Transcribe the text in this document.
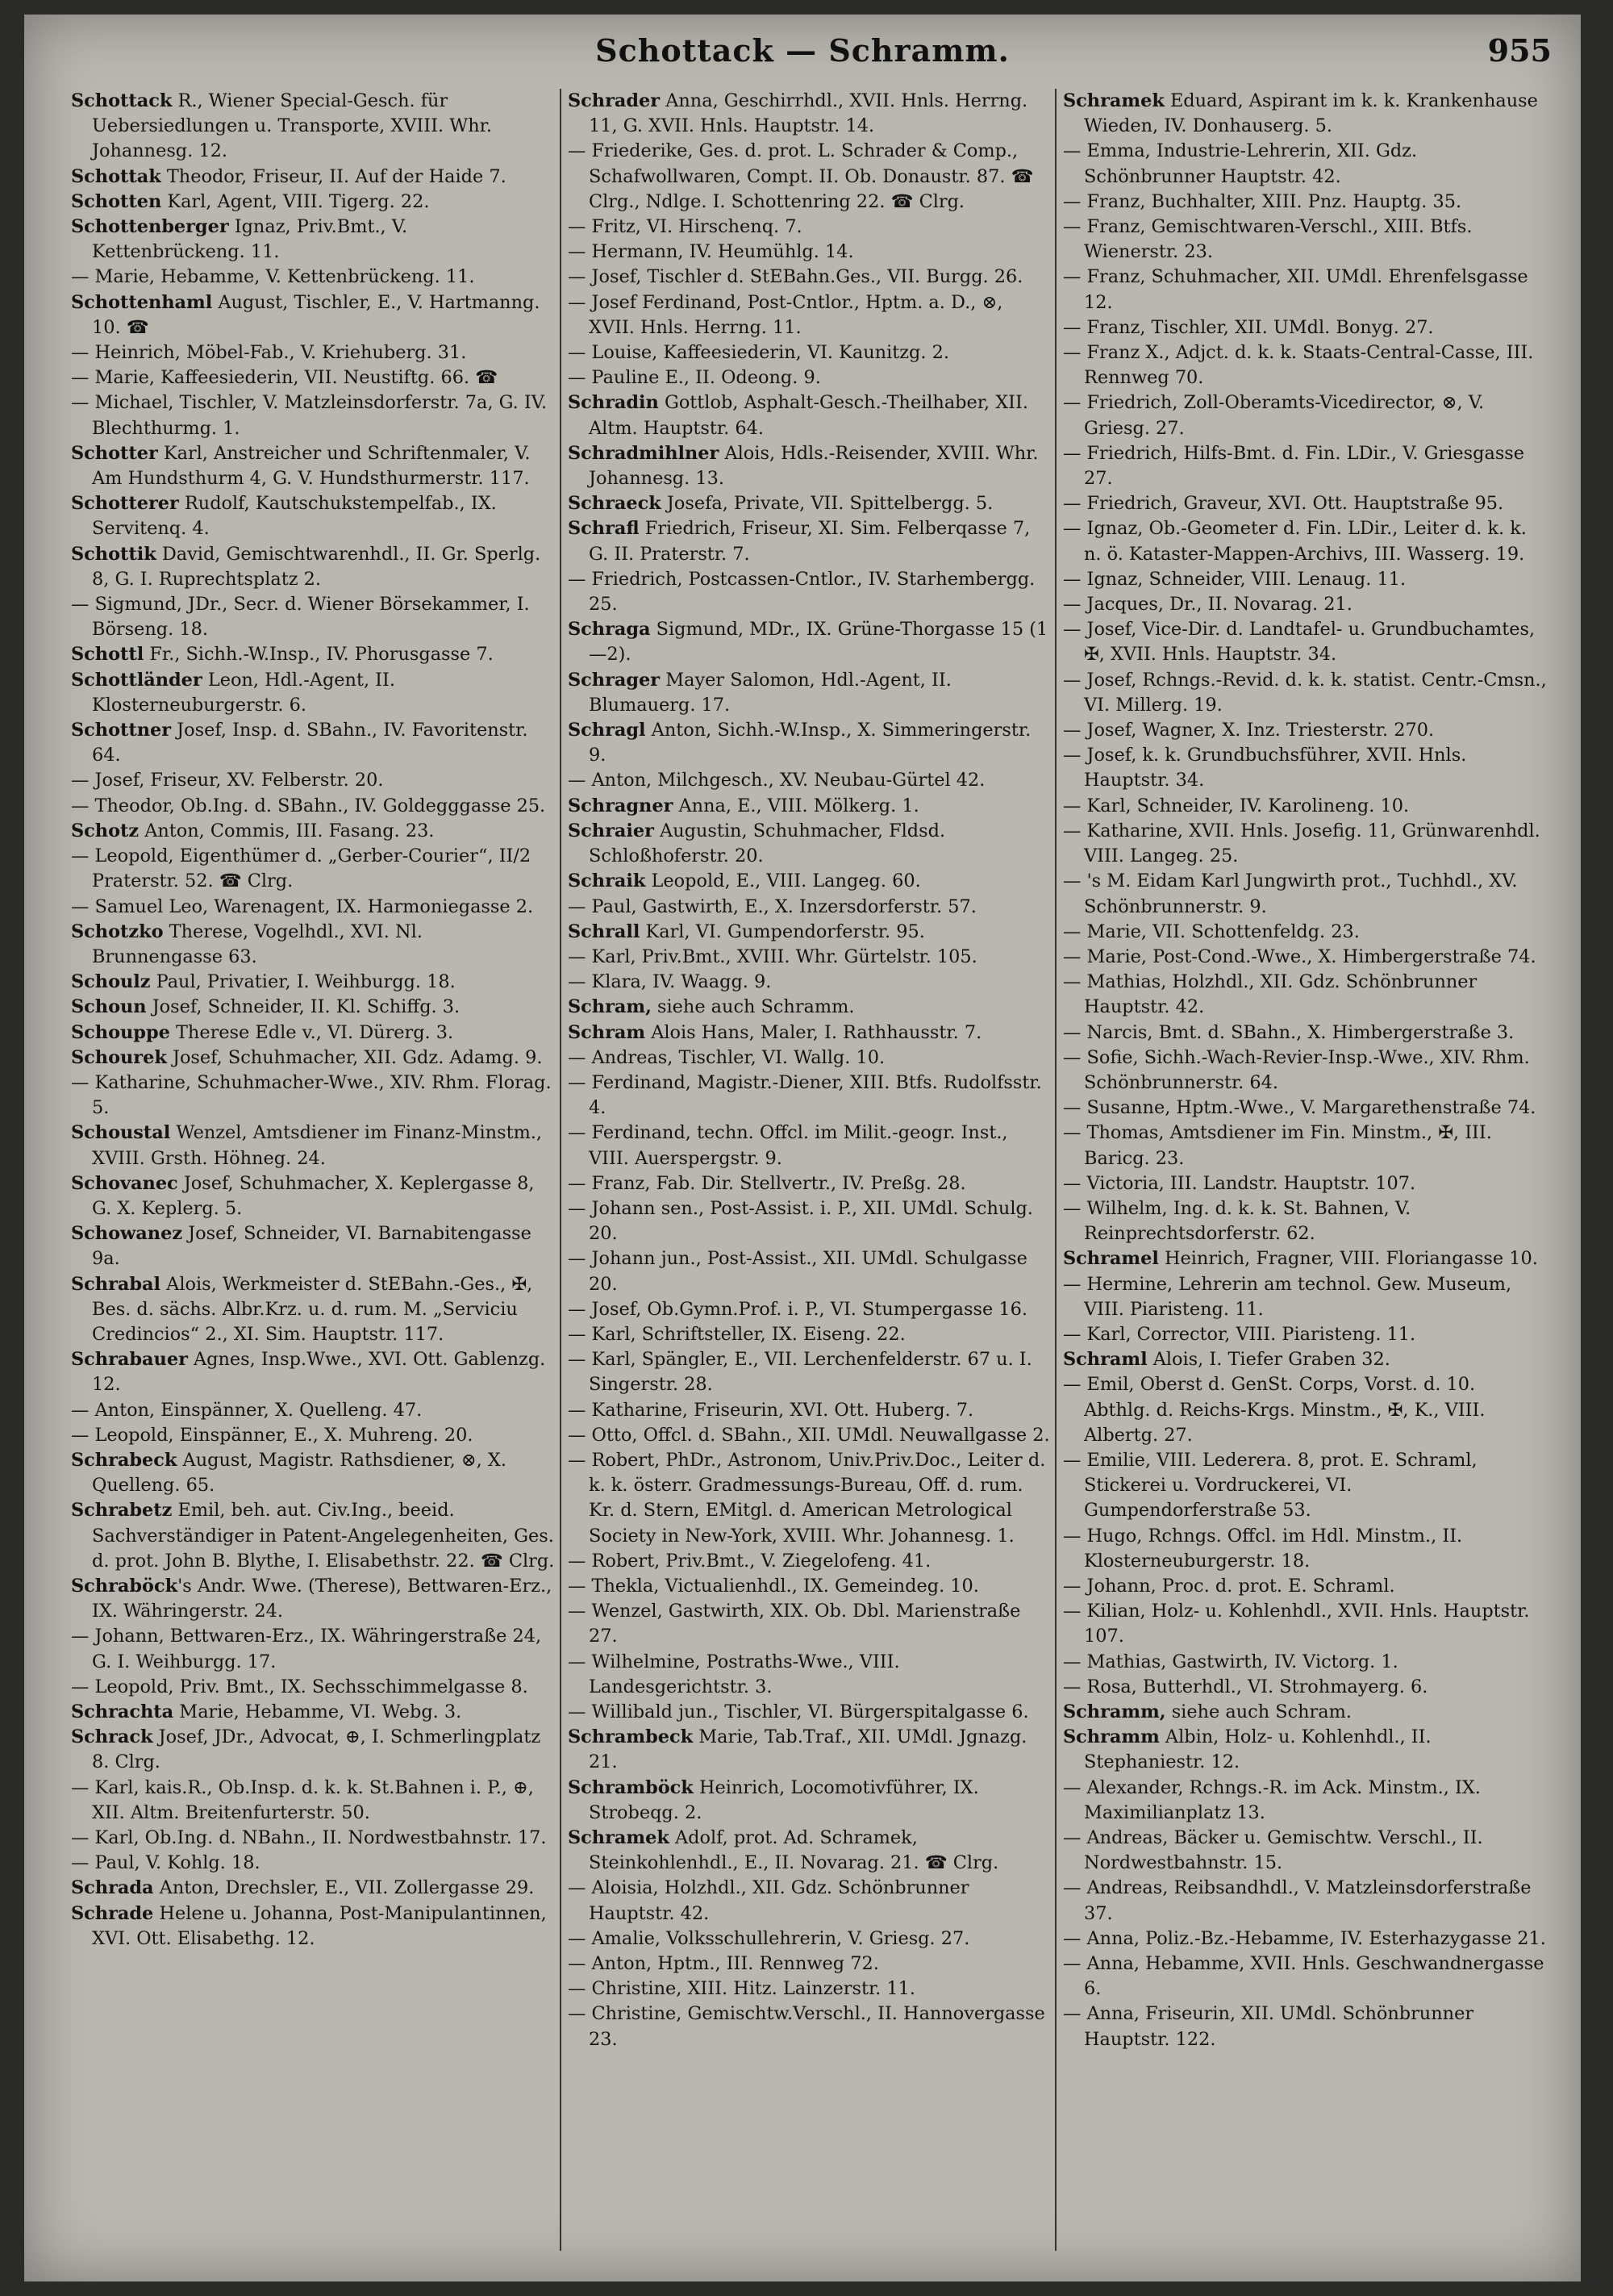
Schottack — Schramm.	955

Schottack R., Wiener Special-Gesch. für Uebersiedlungen u. Transporte, XVIII. Whr. Johannesg. 12.

Schottak Theodor, Friseur, II. Auf der Haide 7.

Schotten Karl, Agent, VIII. Tigerg. 22.

Schottenberger Ignaz, Priv.Bmt., V. Kettenbrückeng. 11.

— Marie, Hebamme, V. Kettenbrückeng. 11.

Schottenhaml August, Tischler, E., V. Hartmanng. 10. ☎

— Heinrich, Möbel-Fab., V. Kriehuberg. 31.

— Marie, Kaffeesiederin, VII. Neustiftg. 66. ☎

— Michael, Tischler, V. Matzleinsdorferstr. 7a, G. IV. Blechthurmg. 1.

Schotter Karl, Anstreicher und Schriftenmaler, V. Am Hundsthurm 4, G. V. Hundsthurmerstr. 117.

Schotterer Rudolf, Kautschukstempelfab., IX. Servitenq. 4.

Schottik David, Gemischtwarenhdl., II. Gr. Sperlg. 8, G. I. Ruprechtsplatz 2.

— Sigmund, JDr., Secr. d. Wiener Börsekammer, I. Börseng. 18.

Schottl Fr., Sichh.-W.Insp., IV. Phorusgasse 7.

Schottländer Leon, Hdl.-Agent, II. Klosterneuburgerstr. 6.

Schottner Josef, Insp. d. SBahn., IV. Favoritenstr. 64.

— Josef, Friseur, XV. Felberstr. 20.

— Theodor, Ob.Ing. d. SBahn., IV. Goldegggasse 25.

Schotz Anton, Commis, III. Fasang. 23.

— Leopold, Eigenthümer d. „Gerber-Courier“, II/2 Praterstr. 52. ☎ Clrg.

— Samuel Leo, Warenagent, IX. Harmoniegasse 2.

Schotzko Therese, Vogelhdl., XVI. Nl. Brunnengasse 63.

Schoulz Paul, Privatier, I. Weihburgg. 18.

Schoun Josef, Schneider, II. Kl. Schiffg. 3.

Schouppe Therese Edle v., VI. Dürerg. 3.

Schourek Josef, Schuhmacher, XII. Gdz. Adamg. 9.

— Katharine, Schuhmacher-Wwe., XIV. Rhm. Florag. 5.

Schoustal Wenzel, Amtsdiener im Finanz-Minstm., XVIII. Grsth. Höhneg. 24.

Schovanec Josef, Schuhmacher, X. Keplergasse 8, G. X. Keplerg. 5.

Schowanez Josef, Schneider, VI. Barnabitengasse 9a.

Schrabal Alois, Werkmeister d. StEBahn.-Ges., ✠, Bes. d. sächs. Albr.Krz. u. d. rum. M. „Serviciu Credincios“ 2., XI. Sim. Hauptstr. 117.

Schrabauer Agnes, Insp.Wwe., XVI. Ott. Gablenzg. 12.

— Anton, Einspänner, X. Quelleng. 47.

— Leopold, Einspänner, E., X. Muhreng. 20.

Schrabeck August, Magistr. Rathsdiener, ⊗, X. Quelleng. 65.

Schrabetz Emil, beh. aut. Civ.Ing., beeid. Sachverständiger in Patent-Angelegenheiten, Ges. d. prot. John B. Blythe, I. Elisabethstr. 22. ☎ Clrg.

Schraböck's Andr. Wwe. (Therese), Bettwaren-Erz., IX. Währingerstr. 24.

— Johann, Bettwaren-Erz., IX. Währingerstraße 24, G. I. Weihburgg. 17.

— Leopold, Priv. Bmt., IX. Sechsschimmelgasse 8.

Schrachta Marie, Hebamme, VI. Webg. 3.

Schrack Josef, JDr., Advocat, ⊕, I. Schmerlingplatz 8. Clrg.

— Karl, kais.R., Ob.Insp. d. k. k. St.Bahnen i. P., ⊕, XII. Altm. Breitenfurterstr. 50.

— Karl, Ob.Ing. d. NBahn., II. Nordwestbahnstr. 17.

— Paul, V. Kohlg. 18.

Schrada Anton, Drechsler, E., VII. Zollergasse 29.

Schrade Helene u. Johanna, Post-Manipulantinnen, XVI. Ott. Elisabethg. 12.

Schrader Anna, Geschirrhdl., XVII. Hnls. Herrng. 11, G. XVII. Hnls. Hauptstr. 14.

— Friederike, Ges. d. prot. L. Schrader & Comp., Schafwollwaren, Compt. II. Ob. Donaustr. 87. ☎ Clrg., Ndlge. I. Schottenring 22. ☎ Clrg.

— Fritz, VI. Hirschenq. 7.

— Hermann, IV. Heumühlg. 14.

— Josef, Tischler d. StEBahn.Ges., VII. Burgg. 26.

— Josef Ferdinand, Post-Cntlor., Hptm. a. D., ⊗, XVII. Hnls. Herrng. 11.

— Louise, Kaffeesiederin, VI. Kaunitzg. 2.

— Pauline E., II. Odeong. 9.

Schradin Gottlob, Asphalt-Gesch.-Theilhaber, XII. Altm. Hauptstr. 64.

Schradmihlner Alois, Hdls.-Reisender, XVIII. Whr. Johannesg. 13.

Schraeck Josefa, Private, VII. Spittelbergg. 5.

Schrafl Friedrich, Friseur, XI. Sim. Felberqasse 7, G. II. Praterstr. 7.

— Friedrich, Postcassen-Cntlor., IV. Starhembergg. 25.

Schraga Sigmund, MDr., IX. Grüne-Thorgasse 15 (1—2).

Schrager Mayer Salomon, Hdl.-Agent, II. Blumauerg. 17.

Schragl Anton, Sichh.-W.Insp., X. Simmeringerstr. 9.

— Anton, Milchgesch., XV. Neubau-Gürtel 42.

Schragner Anna, E., VIII. Mölkerg. 1.

Schraier Augustin, Schuhmacher, Fldsd. Schloßhoferstr. 20.

Schraik Leopold, E., VIII. Langeg. 60.

— Paul, Gastwirth, E., X. Inzersdorferstr. 57.

Schrall Karl, VI. Gumpendorferstr. 95.

— Karl, Priv.Bmt., XVIII. Whr. Gürtelstr. 105.

— Klara, IV. Waagg. 9.

Schram, siehe auch Schramm.

Schram Alois Hans, Maler, I. Rathhausstr. 7.

— Andreas, Tischler, VI. Wallg. 10.

— Ferdinand, Magistr.-Diener, XIII. Btfs. Rudolfsstr. 4.

— Ferdinand, techn. Offcl. im Milit.-geogr. Inst., VIII. Auerspergstr. 9.

— Franz, Fab. Dir. Stellvertr., IV. Preßg. 28.

— Johann sen., Post-Assist. i. P., XII. UMdl. Schulg. 20.

— Johann jun., Post-Assist., XII. UMdl. Schulgasse 20.

— Josef, Ob.Gymn.Prof. i. P., VI. Stumpergasse 16.

— Karl, Schriftsteller, IX. Eiseng. 22.

— Karl, Spängler, E., VII. Lerchenfelderstr. 67 u. I. Singerstr. 28.

— Katharine, Friseurin, XVI. Ott. Huberg. 7.

— Otto, Offcl. d. SBahn., XII. UMdl. Neuwallgasse 2.

— Robert, PhDr., Astronom, Univ.Priv.Doc., Leiter d. k. k. österr. Gradmessungs-Bureau, Off. d. rum. Kr. d. Stern, EMitgl. d. American Metrological Society in New-York, XVIII. Whr. Johannesg. 1.

— Robert, Priv.Bmt., V. Ziegelofeng. 41.

— Thekla, Victualienhdl., IX. Gemeindeg. 10.

— Wenzel, Gastwirth, XIX. Ob. Dbl. Marienstraße 27.

— Wilhelmine, Postraths-Wwe., VIII. Landesgerichtstr. 3.

— Willibald jun., Tischler, VI. Bürgerspitalgasse 6.

Schrambeck Marie, Tab.Traf., XII. UMdl. Jgnazg. 21.

Schramböck Heinrich, Locomotivführer, IX. Strobeqg. 2.

Schramek Adolf, prot. Ad. Schramek, Steinkohlenhdl., E., II. Novarag. 21. ☎ Clrg.

— Aloisia, Holzhdl., XII. Gdz. Schönbrunner Hauptstr. 42.

— Amalie, Volksschullehrerin, V. Griesg. 27.

— Anton, Hptm., III. Rennweg 72.

— Christine, XIII. Hitz. Lainzerstr. 11.

— Christine, Gemischtw.Verschl., II. Hannovergasse 23.

Schramek Eduard, Aspirant im k. k. Krankenhause Wieden, IV. Donhauserg. 5.

— Emma, Industrie-Lehrerin, XII. Gdz. Schönbrunner Hauptstr. 42.

— Franz, Buchhalter, XIII. Pnz. Hauptg. 35.

— Franz, Gemischtwaren-Verschl., XIII. Btfs. Wienerstr. 23.

— Franz, Schuhmacher, XII. UMdl. Ehrenfelsgasse 12.

— Franz, Tischler, XII. UMdl. Bonyg. 27.

— Franz X., Adjct. d. k. k. Staats-Central-Casse, III. Rennweg 70.

— Friedrich, Zoll-Oberamts-Vicedirector, ⊗, V. Griesg. 27.

— Friedrich, Hilfs-Bmt. d. Fin. LDir., V. Griesgasse 27.

— Friedrich, Graveur, XVI. Ott. Hauptstraße 95.

— Ignaz, Ob.-Geometer d. Fin. LDir., Leiter d. k. k. n. ö. Kataster-Mappen-Archivs, III. Wasserg. 19.

— Ignaz, Schneider, VIII. Lenaug. 11.

— Jacques, Dr., II. Novarag. 21.

— Josef, Vice-Dir. d. Landtafel- u. Grundbuchamtes, ✠, XVII. Hnls. Hauptstr. 34.

— Josef, Rchngs.-Revid. d. k. k. statist. Centr.-Cmsn., VI. Millerg. 19.

— Josef, Wagner, X. Inz. Triesterstr. 270.

— Josef, k. k. Grundbuchsführer, XVII. Hnls. Hauptstr. 34.

— Karl, Schneider, IV. Karolineng. 10.

— Katharine, XVII. Hnls. Josefig. 11, Grünwarenhdl. VIII. Langeg. 25.

— 's M. Eidam Karl Jungwirth prot., Tuchhdl., XV. Schönbrunnerstr. 9.

— Marie, VII. Schottenfeldg. 23.

— Marie, Post-Cond.-Wwe., X. Himbergerstraße 74.

— Mathias, Holzhdl., XII. Gdz. Schönbrunner Hauptstr. 42.

— Narcis, Bmt. d. SBahn., X. Himbergerstraße 3.

— Sofie, Sichh.-Wach-Revier-Insp.-Wwe., XIV. Rhm. Schönbrunnerstr. 64.

— Susanne, Hptm.-Wwe., V. Margarethenstraße 74.

— Thomas, Amtsdiener im Fin. Minstm., ✠, III. Baricg. 23.

— Victoria, III. Landstr. Hauptstr. 107.

— Wilhelm, Ing. d. k. k. St. Bahnen, V. Reinprechtsdorferstr. 62.

Schramel Heinrich, Fragner, VIII. Floriangasse 10.

— Hermine, Lehrerin am technol. Gew. Museum, VIII. Piaristeng. 11.

— Karl, Corrector, VIII. Piaristeng. 11.

Schraml Alois, I. Tiefer Graben 32.

— Emil, Oberst d. GenSt. Corps, Vorst. d. 10. Abthlg. d. Reichs-Krgs. Minstm., ✠, K., VIII. Albertg. 27.

— Emilie, VIII. Lederera. 8, prot. E. Schraml, Stickerei u. Vordruckerei, VI. Gumpendorferstraße 53.

— Hugo, Rchngs. Offcl. im Hdl. Minstm., II. Klosterneuburgerstr. 18.

— Johann, Proc. d. prot. E. Schraml.

— Kilian, Holz- u. Kohlenhdl., XVII. Hnls. Hauptstr. 107.

— Mathias, Gastwirth, IV. Victorg. 1.

— Rosa, Butterhdl., VI. Strohmayerg. 6.

Schramm, siehe auch Schram.

Schramm Albin, Holz- u. Kohlenhdl., II. Stephaniestr. 12.

— Alexander, Rchngs.-R. im Ack. Minstm., IX. Maximilianplatz 13.

— Andreas, Bäcker u. Gemischtw. Verschl., II. Nordwestbahnstr. 15.

— Andreas, Reibsandhdl., V. Matzleinsdorferstraße 37.

— Anna, Poliz.-Bz.-Hebamme, IV. Esterhazygasse 21.

— Anna, Hebamme, XVII. Hnls. Geschwandnergasse 6.

— Anna, Friseurin, XII. UMdl. Schönbrunner Hauptstr. 122.
